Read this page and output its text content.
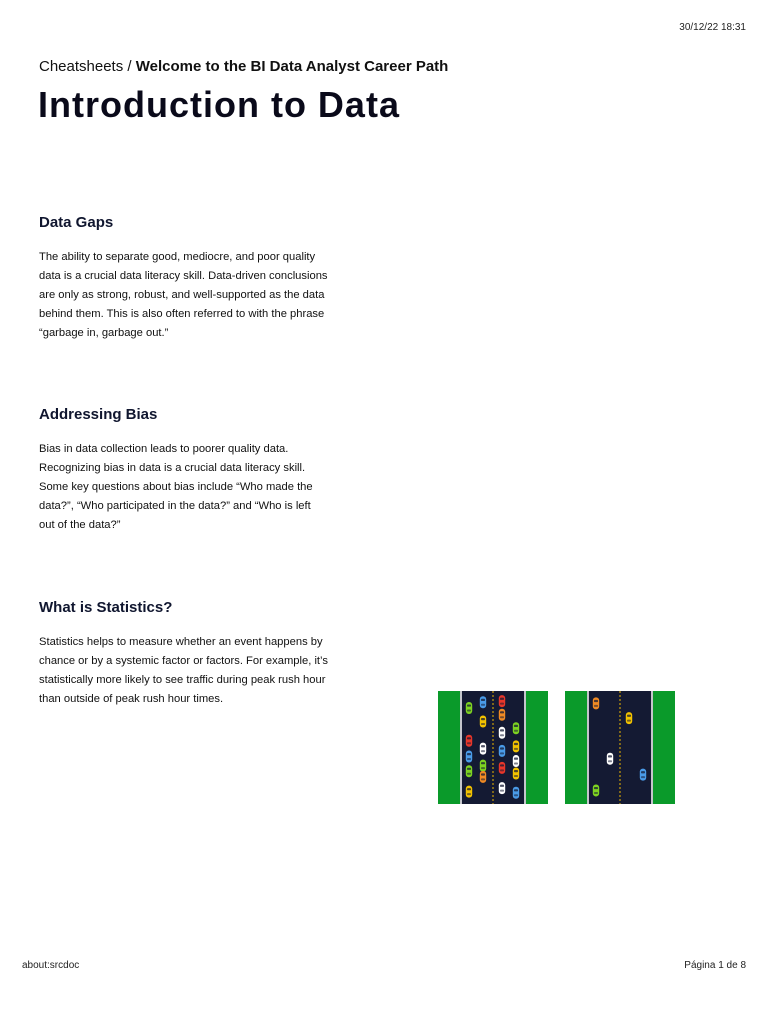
30/12/22 18:31
Cheatsheets / Welcome to the BI Data Analyst Career Path
Introduction to Data
Data Gaps

The ability to separate good, mediocre, and poor quality data is a crucial data literacy skill. Data-driven conclusions are only as strong, robust, and well-supported as the data behind them. This is also often referred to with the phrase “garbage in, garbage out.”

Addressing Bias

Bias in data collection leads to poorer quality data. Recognizing bias in data is a crucial data literacy skill. Some key questions about bias include “Who made the data?”, “Who participated in the data?” and “Who is left out of the data?”

What is Statistics?

Statistics helps to measure whether an event happens by chance or by a systemic factor or factors. For example, it’s statistically more likely to see traffic during peak rush hour than outside of peak rush hour times.

about:srcdoc	Página 1 de 8
